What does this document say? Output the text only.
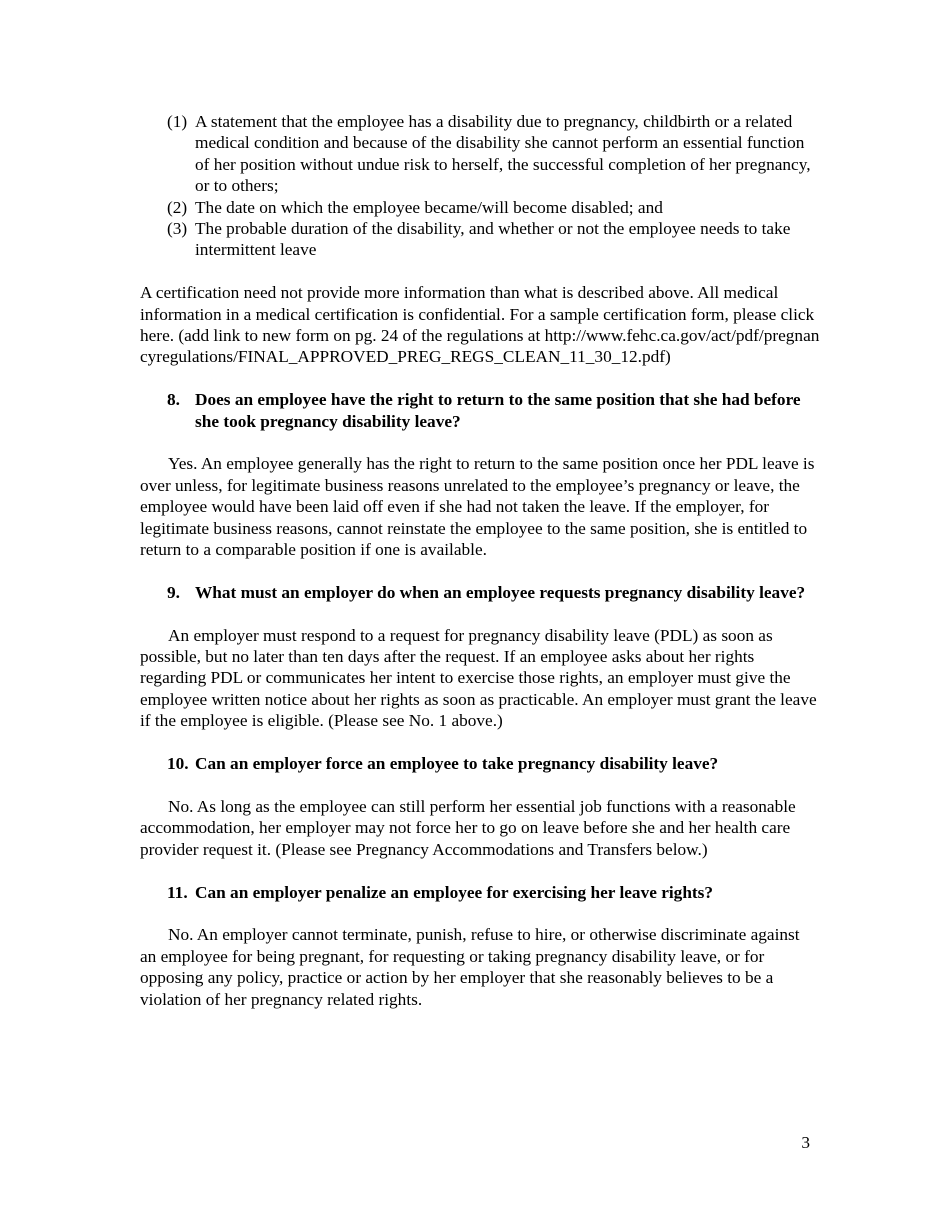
(1) A statement that the employee has a disability due to pregnancy, childbirth or a related medical condition and because of the disability she cannot perform an essential function of her position without undue risk to herself, the successful completion of her pregnancy, or to others;
(2) The date on which the employee became/will become disabled; and
(3) The probable duration of the disability, and whether or not the employee needs to take intermittent leave

A certification need not provide more information than what is described above. All medical information in a medical certification is confidential. For a sample certification form, please click here. (add link to new form on pg. 24 of the regulations at http://www.fehc.ca.gov/act/pdf/pregnancyregulations/FINAL_APPROVED_PREG_REGS_CLEAN_11_30_12.pdf)

8. Does an employee have the right to return to the same position that she had before she took pregnancy disability leave?

Yes. An employee generally has the right to return to the same position once her PDL leave is over unless, for legitimate business reasons unrelated to the employee’s pregnancy or leave, the employee would have been laid off even if she had not taken the leave. If the employer, for legitimate business reasons, cannot reinstate the employee to the same position, she is entitled to return to a comparable position if one is available.

9. What must an employer do when an employee requests pregnancy disability leave?

An employer must respond to a request for pregnancy disability leave (PDL) as soon as possible, but no later than ten days after the request. If an employee asks about her rights regarding PDL or communicates her intent to exercise those rights, an employer must give the employee written notice about her rights as soon as practicable. An employer must grant the leave if the employee is eligible. (Please see No. 1 above.)

10. Can an employer force an employee to take pregnancy disability leave?

No. As long as the employee can still perform her essential job functions with a reasonable accommodation, her employer may not force her to go on leave before she and her health care provider request it. (Please see Pregnancy Accommodations and Transfers below.)

11. Can an employer penalize an employee for exercising her leave rights?

No. An employer cannot terminate, punish, refuse to hire, or otherwise discriminate against an employee for being pregnant, for requesting or taking pregnancy disability leave, or for opposing any policy, practice or action by her employer that she reasonably believes to be a violation of her pregnancy related rights.

3
